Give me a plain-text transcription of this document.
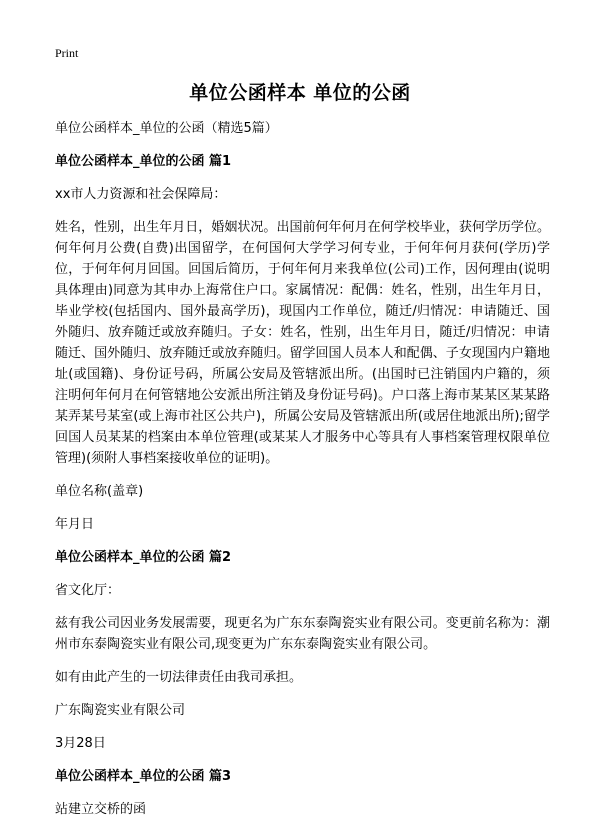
Print
单位公函样本 单位的公函

单位公函样本_单位的公函（精选5篇）

单位公函样本_单位的公函 篇1

xx市人力资源和社会保障局：

姓名，性别，出生年月日，婚姻状况。出国前何年何月在何学校毕业，获何学历学位。何年何月公费(自费)出国留学，在何国何大学学习何专业，于何年何月获何(学历)学位，于何年何月回国。回国后简历，于何年何月来我单位(公司)工作，因何理由(说明具体理由)同意为其申办上海常住户口。家属情况：配偶：姓名，性别，出生年月日，毕业学校(包括国内、国外最高学历)，现国内工作单位，随迁/归情况：申请随迁、国外随归、放弃随迁或放弃随归。子女：姓名，性别，出生年月日，随迁/归情况：申请随迁、国外随归、放弃随迁或放弃随归。留学回国人员本人和配偶、子女现国内户籍地址(或国籍)、身份证号码，所属公安局及管辖派出所。(出国时已注销国内户籍的，须注明何年何月在何管辖地公安派出所注销及身份证号码)。户口落上海市某某区某某路某弄某号某室(或上海市社区公共户)，所属公安局及管辖派出所(或居住地派出所);留学回国人员某某的档案由本单位管理(或某某人才服务中心等具有人事档案管理权限单位管理)(须附人事档案接收单位的证明)。

单位名称(盖章)

年月日

单位公函样本_单位的公函 篇2

省文化厅：

兹有我公司因业务发展需要，现更名为广东东泰陶瓷实业有限公司。变更前名称为：潮州市东泰陶瓷实业有限公司,现变更为广东东泰陶瓷实业有限公司。

如有由此产生的一切法律责任由我司承担。

广东陶瓷实业有限公司

3月28日

单位公函样本_单位的公函 篇3

站建立交桥的函
